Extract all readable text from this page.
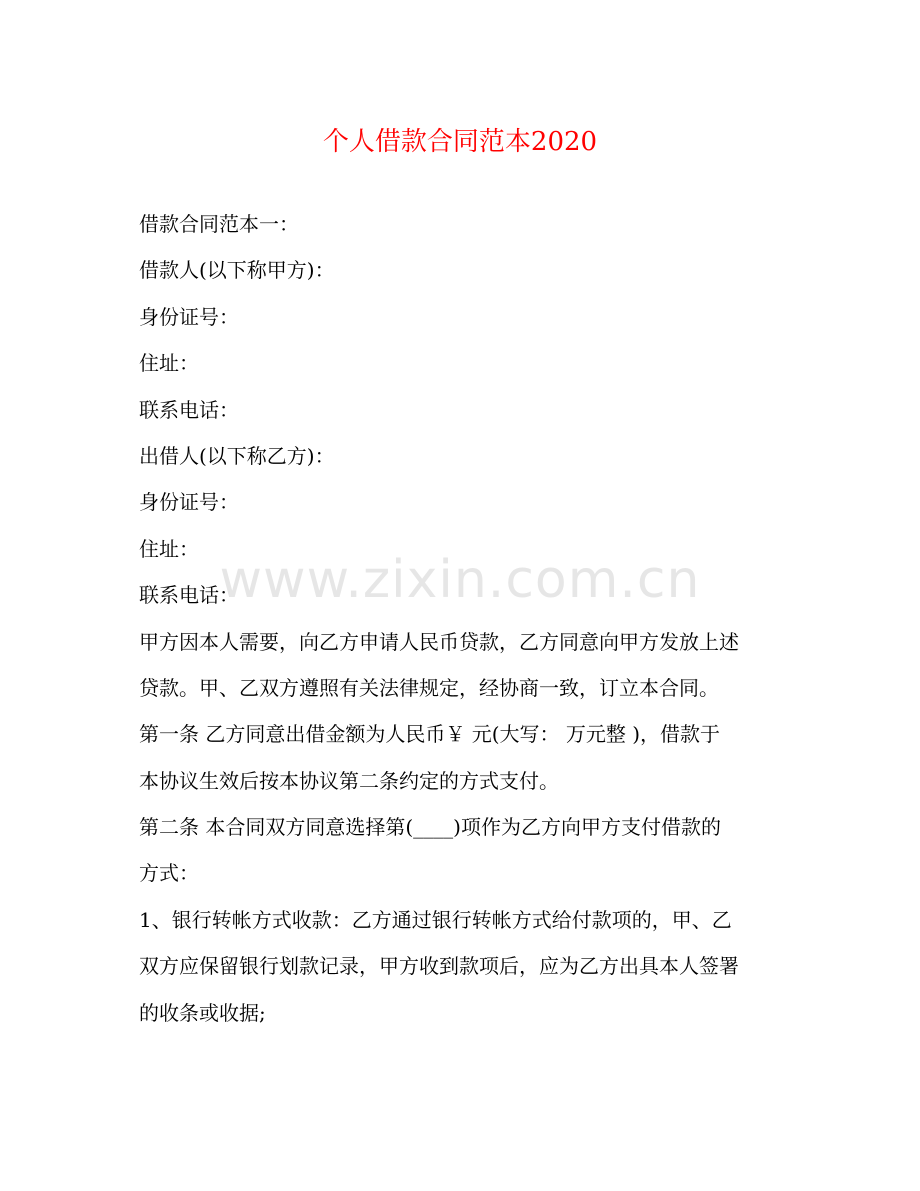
www.zixin.com.cn
个人借款合同范本2020
借款合同范本一：
借款人(以下称甲方)：
身份证号：
住址：
联系电话：
出借人(以下称乙方)：
身份证号：
住址：
联系电话：
甲方因本人需要，向乙方申请人民币贷款，乙方同意向甲方发放上述
贷款。甲、乙双方遵照有关法律规定，经协商一致，订立本合同。
第一条 乙方同意出借金额为人民币￥ 元(大写： 万元整 )，借款于
本协议生效后按本协议第二条约定的方式支付。
第二条 本合同双方同意选择第(____)项作为乙方向甲方支付借款的
方式：
1、银行转帐方式收款：乙方通过银行转帐方式给付款项的，甲、乙
双方应保留银行划款记录，甲方收到款项后，应为乙方出具本人签署
的收条或收据;
